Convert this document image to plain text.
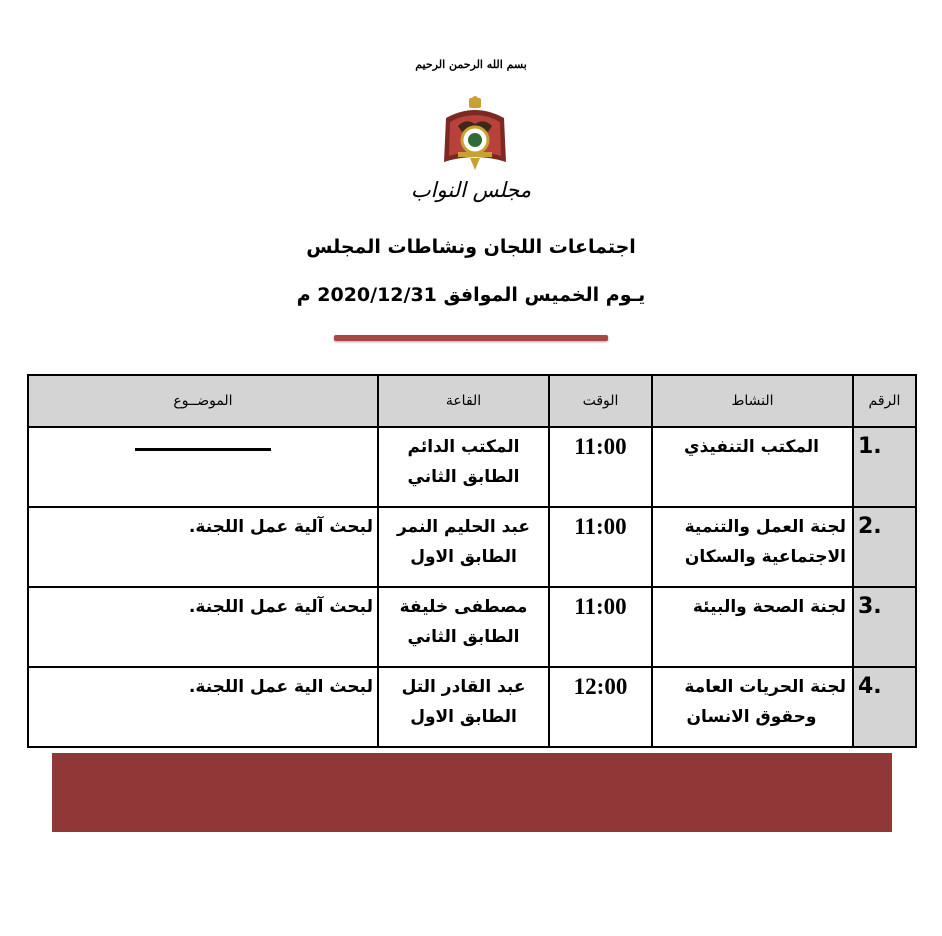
بسم الله الرحمن الرحيم
مجلس النواب
اجتماعات اللجان ونشاطات المجلس
يـوم الخميس الموافق 2020/12/31 م
الرقم	النشاط	الوقت	القاعة	الموضــوع

1.	المكتب التنفيذي	11:00	المكتب الدائم
الطابق الثاني	

2.	لجنة العمل والتنمية
الاجتماعية والسكان	11:00	عبد الحليم النمر
الطابق الاول	لبحث آلية عمل اللجنة.

3.	لجنة الصحة والبيئة	11:00	مصطفى خليفة
الطابق الثاني	لبحث آلية عمل اللجنة.

4.	لجنة الحريات العامة
وحقوق الانسان	12:00	عبد القادر التل
الطابق الاول	لبحث الية عمل اللجنة.
